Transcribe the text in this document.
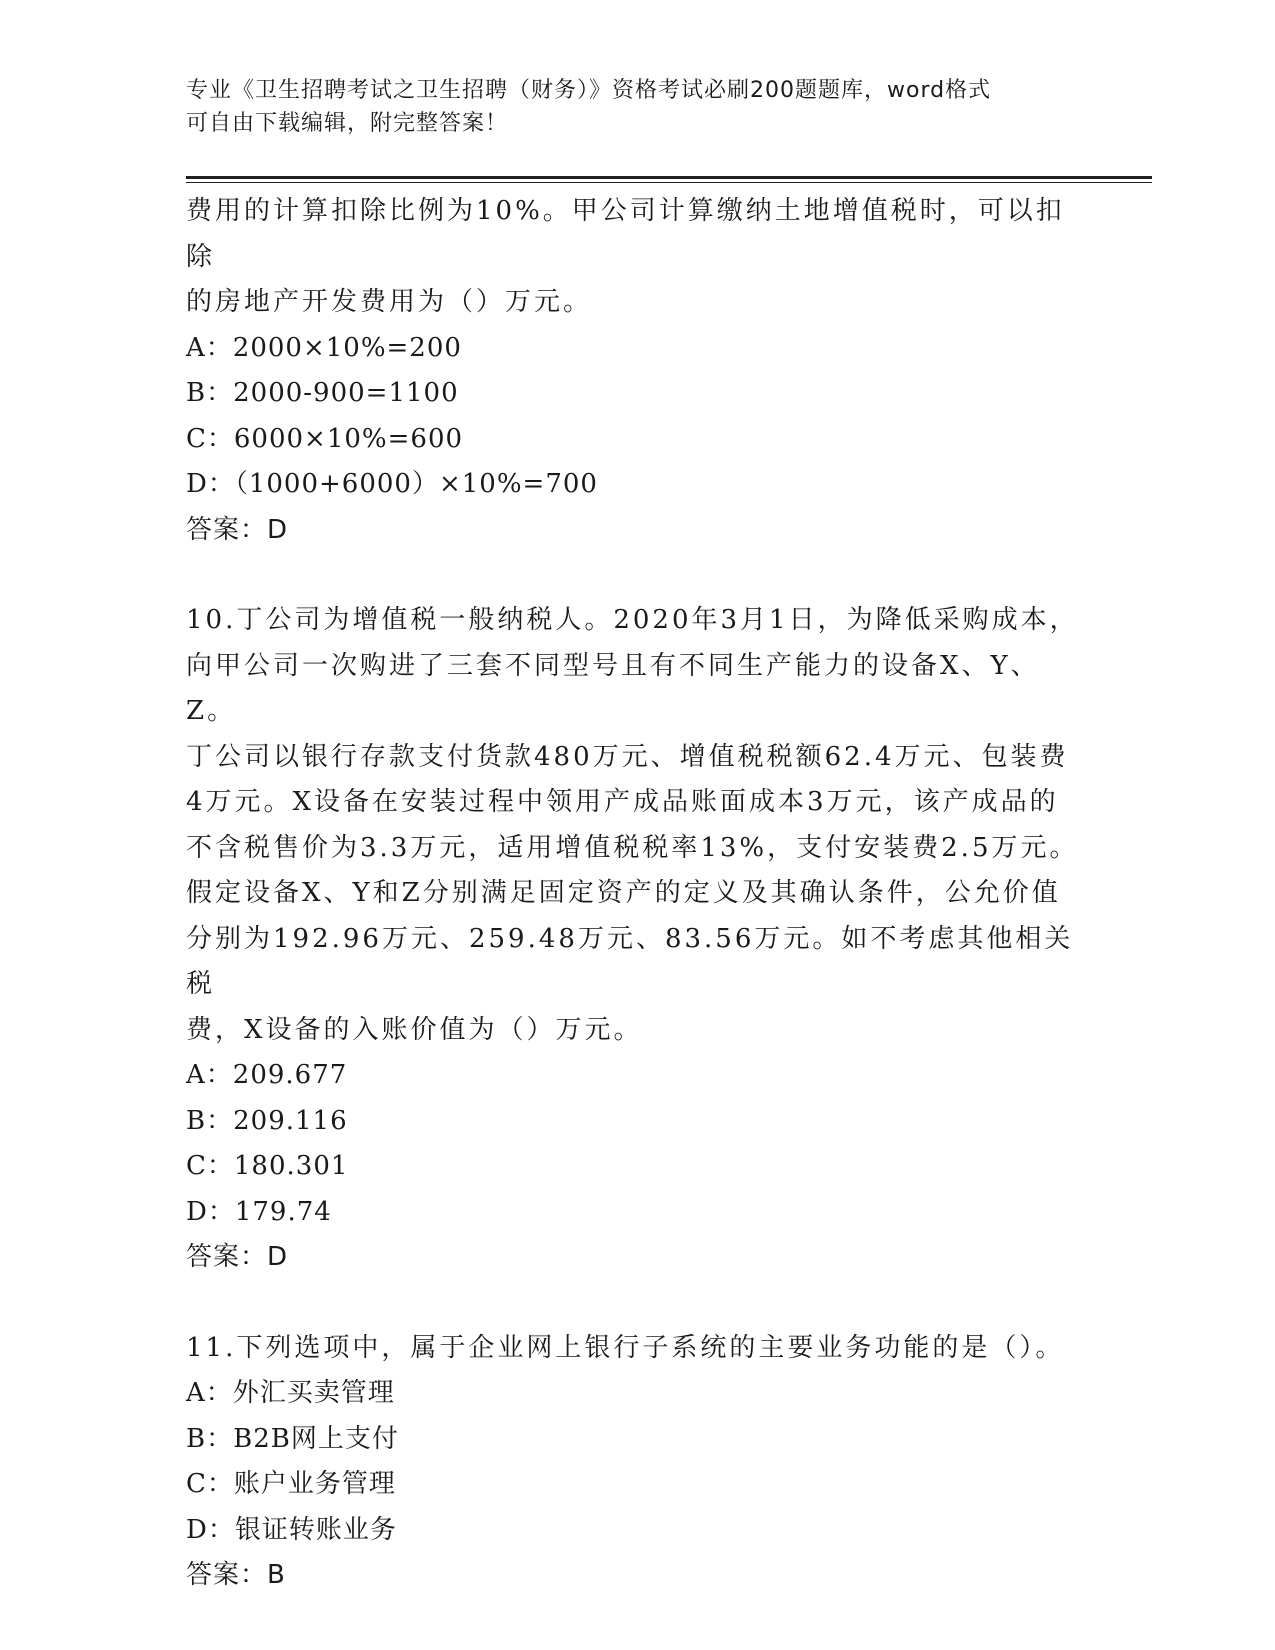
专业《卫生招聘考试之卫生招聘（财务）》资格考试必刷200题题库，word格式
可自由下载编辑，附完整答案！

费用的计算扣除比例为10%。甲公司计算缴纳土地增值税时，可以扣除

的房地产开发费用为（）万元。

A：2000×10%=200

B：2000-900=1100

C：6000×10%=600

D：（1000+6000）×10%=700

答案：D

10.丁公司为增值税一般纳税人。2020年3月1日，为降低采购成本，

向甲公司一次购进了三套不同型号且有不同生产能力的设备X、Y、Z。

丁公司以银行存款支付货款480万元、增值税税额62.4万元、包装费

4万元。X设备在安装过程中领用产成品账面成本3万元，该产成品的

不含税售价为3.3万元，适用增值税税率13%，支付安装费2.5万元。

假定设备X、Y和Z分别满足固定资产的定义及其确认条件，公允价值

分别为192.96万元、259.48万元、83.56万元。如不考虑其他相关税

费，X设备的入账价值为（）万元。

A：209.677

B：209.116

C：180.301

D：179.74

答案：D

11.下列选项中，属于企业网上银行子系统的主要业务功能的是（）。

A：外汇买卖管理

B：B2B网上支付

C：账户业务管理

D：银证转账业务

答案：B
